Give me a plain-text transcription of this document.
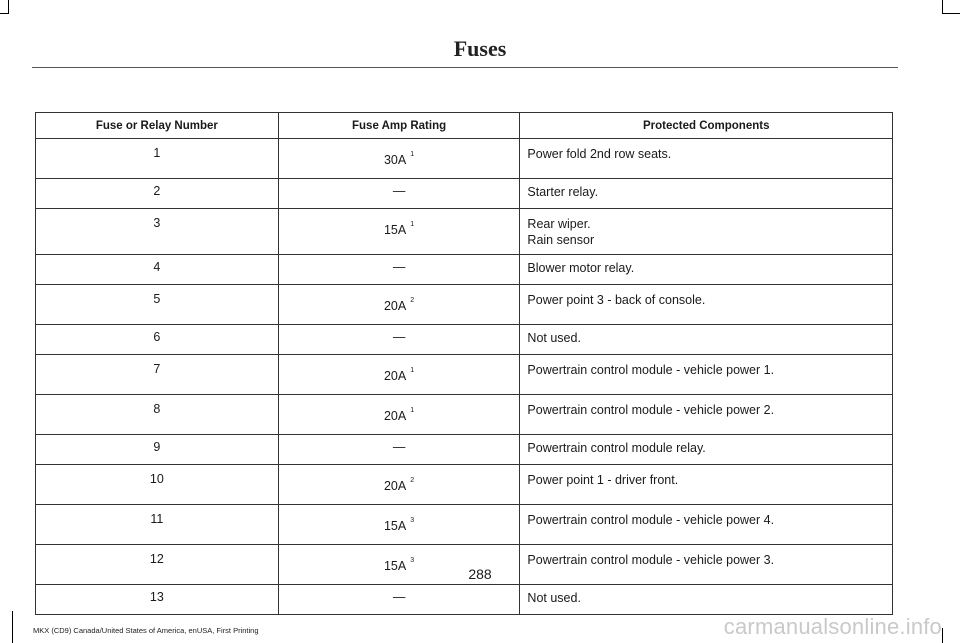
Fuses
Fuse or Relay Number	Fuse Amp Rating	Protected Components
1	30A $^1$	Power fold 2nd row seats.

2	—	Starter relay.

3	15A $^1$	Rear wiper.
Rain sensor

4	—	Blower motor relay.

5	20A $^2$	Power point 3 - back of console.

6	—	Not used.

7	20A $^1$	Powertrain control module - vehicle power 1.

8	20A $^1$	Powertrain control module - vehicle power 2.

9	—	Powertrain control module relay.

10	20A $^2$	Power point 1 - driver front.

11	15A $^3$	Powertrain control module - vehicle power 4.

12	15A $^3$	Powertrain control module - vehicle power 3.

13	—	Not used.
288
MKX (CD9) Canada/United States of America, enUSA, First Printing	carmanualsonline.info
